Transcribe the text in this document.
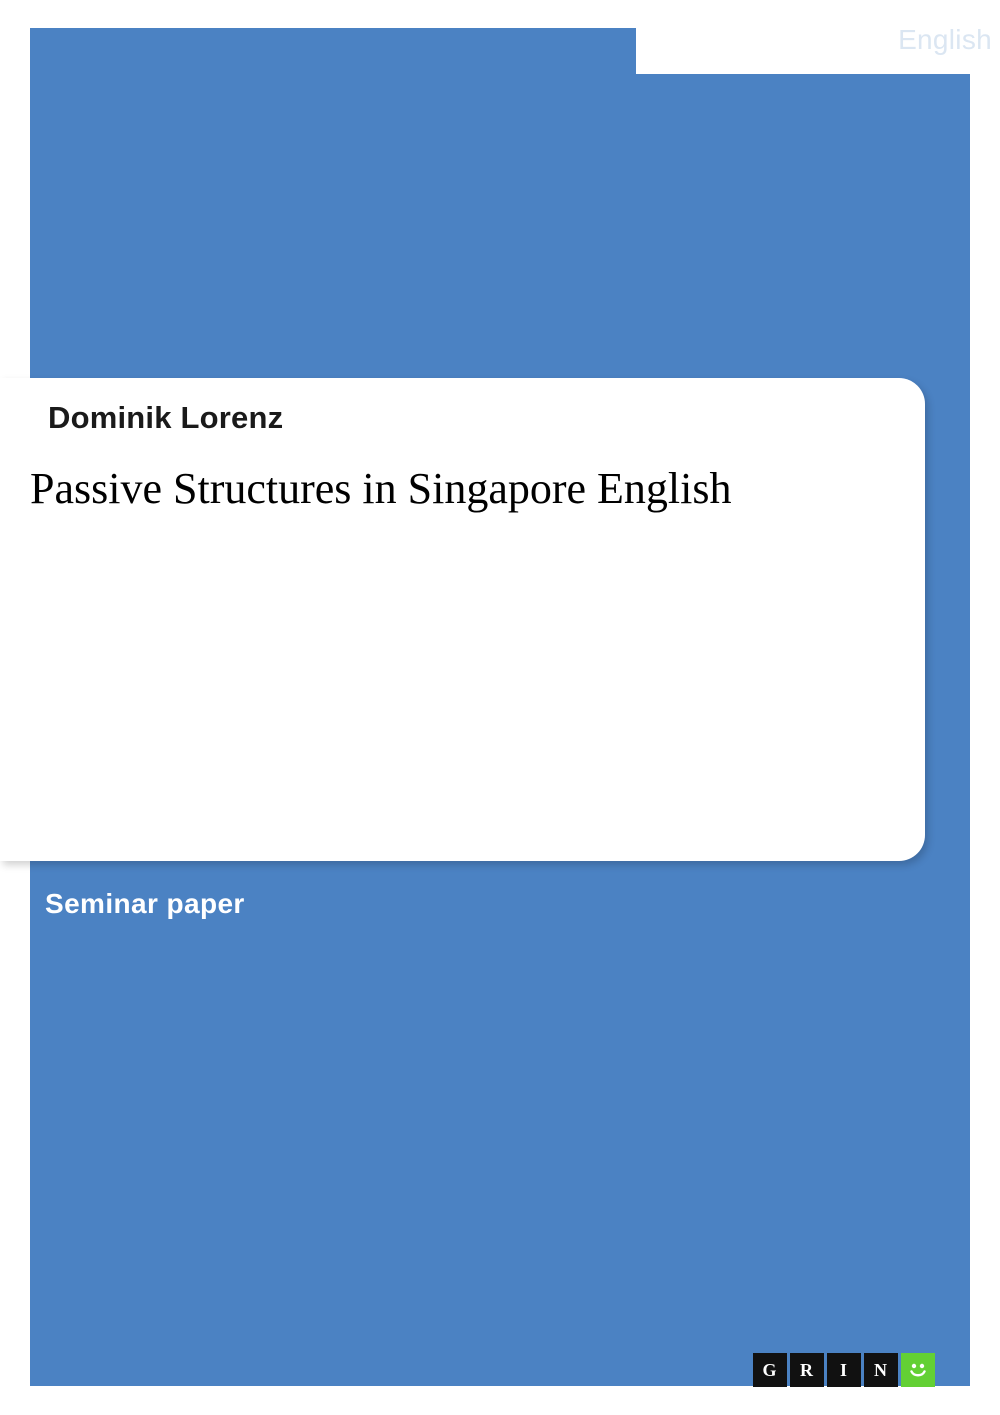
English
Dominik Lorenz
Passive Structures in Singapore English
Seminar paper
G	R	I	N
